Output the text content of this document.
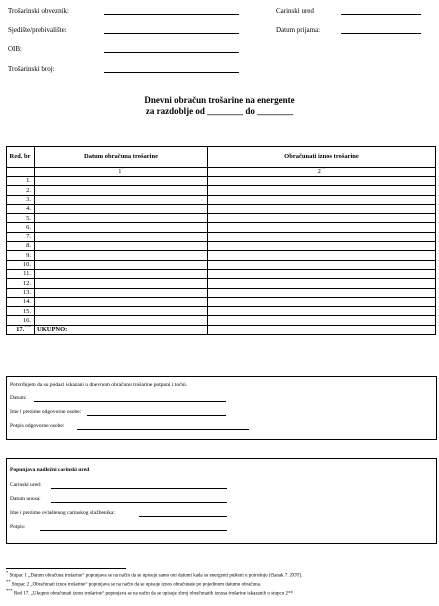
Trošarinski obveznik:
Sjedište/prebivalište:
OIB:
Trošarinski broj:
Carinski ured
Datum prijama:
Dnevni obračun trošarine na energente
za razdoblje od ________ do ________
Red. br	Datum obračuna trošarine	Obračunati iznos trošarine
	1*	2**
1.		
2.		
3.		
4.		
5.		
6.		
7.		
8.		
9.		
10.		
11.		
12.		
13.		
14.		
15.		
16.		
17.***	UKUPNO:	
Potvrđujem da su podaci iskazani u dnevnom obračunu trošarine potpuni i točni.
Datum:
Ime i prezime odgovorne osobe:
Potpis odgovorne osobe:
Popunjava nadležni carinski ured
Carinski ured:
Datum unosa:
Ime i prezime ovlaštenog carinskog službenika:
Potpis:
* Stupac 1 „Datum obračuna trošarine“ popunjava se na način da se upisuju samo oni datumi kada su energenti pušteni u potrošnju (članak 7. ZOT).
** Stupac 2 „Obračunati iznos trošarine“ popunjava se na način da se upisuje iznos obračunate po pojedinom datumu obračuna.
*** Red 17. „Ukupno obračunati iznos trošarine“ popunjava se na način da se upisuje zbroj obračunatih iznosa trošarine iskazanih u stupcu 2**
